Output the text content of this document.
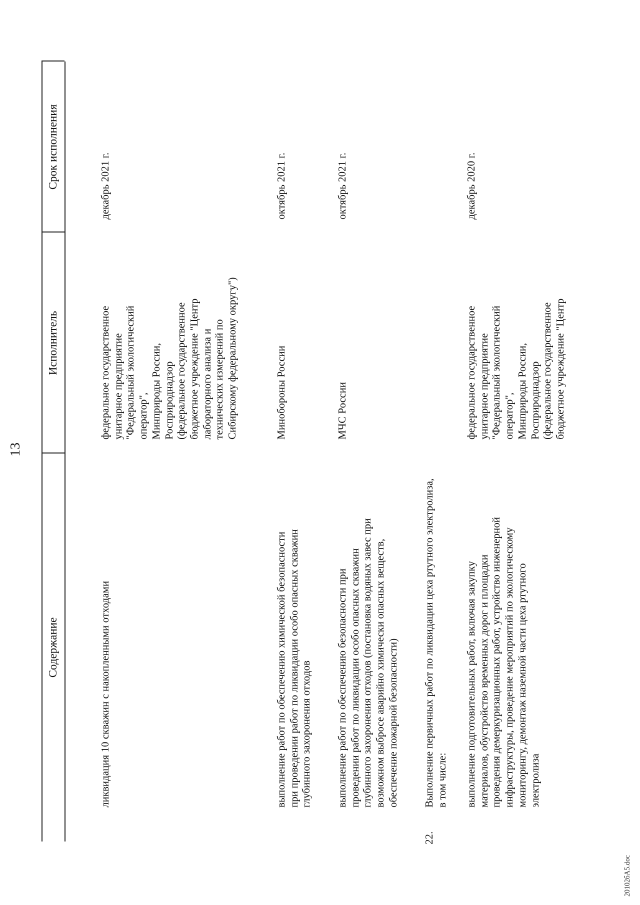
13
Содержание
Исполнитель
Срок исполнения
ликвидация 10 скважин с накопленными отходами
федеральное государственное
унитарное предприятие
"Федеральный экологический
оператор",
Минприроды России,
Росприроднадзор
(федеральное государственное
бюджетное учреждение "Центр
лабораторного анализа и
технических измерений по
Сибирскому федеральному округу")
декабрь 2021 г.
выполнение работ по обеспечению химической безопасности
при проведении работ по ликвидации особо опасных скважин
глубинного захоронения отходов
Минобороны России
октябрь 2021 г.
выполнение работ по обеспечению безопасности при
проведении работ по ликвидации особо опасных скважин
глубинного захоронения отходов (постановка водяных завес при
возможном выбросе аварийно химически опасных веществ,
обеспечение пожарной безопасности)
МЧС России
октябрь 2021 г.
22.
Выполнение первичных работ по ликвидации цеха ртутного электролиза,
в том числе: выполнение подготовительных работ, включая закупку
материалов, обустройство временных дорог и площадки
проведения демеркуризационных работ, устройство инженерной
инфраструктуры, проведение мероприятий по экологическому
мониторингу, демонтаж наземной части цеха ртутного
электролиза
федеральное государственное
унитарное предприятие
"Федеральный экологический
оператор",
Минприроды России,
Росприроднадзор
(федеральное государственное
бюджетное учреждение "Центр
декабрь 2020 г.
20102бА5.doc
